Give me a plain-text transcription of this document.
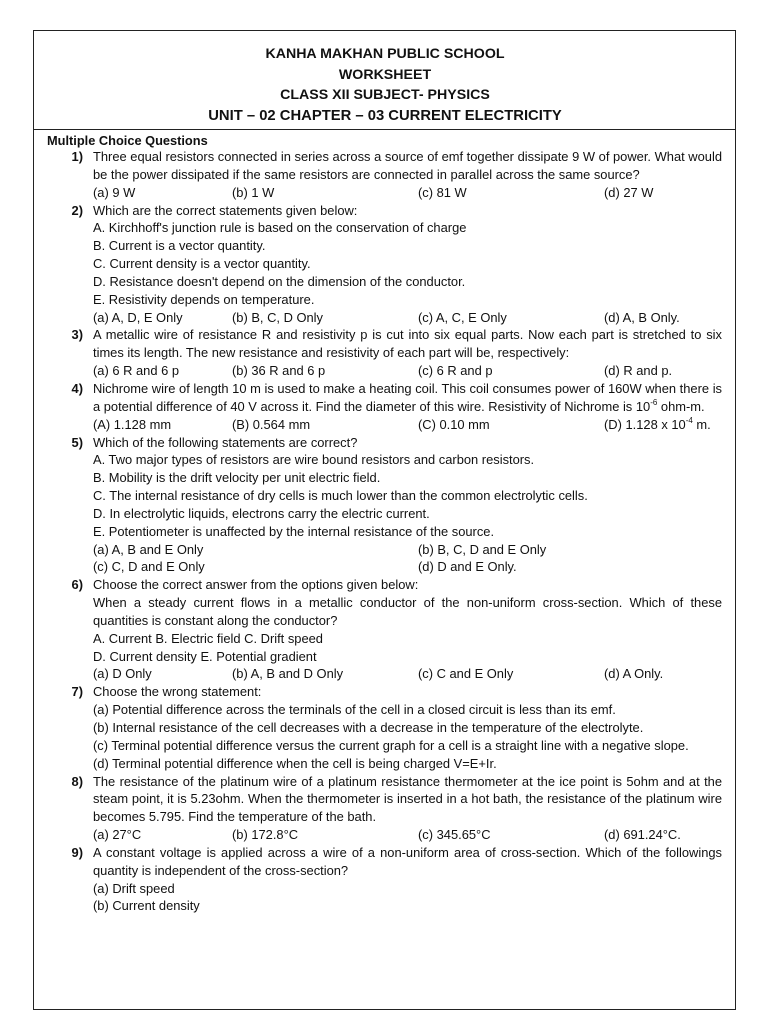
KANHA MAKHAN PUBLIC SCHOOL
WORKSHEET
CLASS XII SUBJECT- PHYSICS
UNIT – 02 CHAPTER – 03 CURRENT ELECTRICITY
Multiple Choice Questions
1) Three equal resistors connected in series across a source of emf together dissipate 9 W of power. What would be the power dissipated if the same resistors are connected in parallel across the same source?
(a) 9 W	(b) 1 W	(c) 81 W	(d) 27 W
2) Which are the correct statements given below:
A. Kirchhoff's junction rule is based on the conservation of charge
B. Current is a vector quantity.
C. Current density is a vector quantity.
D. Resistance doesn't depend on the dimension of the conductor.
E. Resistivity depends on temperature.
(a) A, D, E Only	(b) B, C, D Only	(c) A, C, E Only	(d) A, B Only.
3) A metallic wire of resistance R and resistivity p is cut into six equal parts. Now each part is stretched to six times its length. The new resistance and resistivity of each part will be, respectively:
(a) 6 R and 6 p	(b) 36 R and 6 p	(c) 6 R and p	(d) R and p.
4) Nichrome wire of length 10 m is used to make a heating coil. This coil consumes power of 160W when there is a potential difference of 40 V across it. Find the diameter of this wire. Resistivity of Nichrome is $10^{-6}$ ohm-m.
(A) 1.128 mm	(B) 0.564 mm	(C) 0.10 mm	(D) 1.128 x $10^{-4}$ m.
5) Which of the following statements are correct?
A. Two major types of resistors are wire bound resistors and carbon resistors.
B. Mobility is the drift velocity per unit electric field.
C. The internal resistance of dry cells is much lower than the common electrolytic cells.
D. In electrolytic liquids, electrons carry the electric current.
E. Potentiometer is unaffected by the internal resistance of the source.
(a) A, B and E Only	(b) B, C, D and E Only
(c) C, D and E Only	(d) D and E Only.
6) Choose the correct answer from the options given below:
When a steady current flows in a metallic conductor of the non-uniform cross-section. Which of these quantities is constant along the conductor?
A. Current B. Electric field C. Drift speed
D. Current density E. Potential gradient
(a) D Only	(b) A, B and D Only	(c) C and E Only	(d) A Only.
7) Choose the wrong statement:
(a) Potential difference across the terminals of the cell in a closed circuit is less than its emf.
(b) Internal resistance of the cell decreases with a decrease in the temperature of the electrolyte.
(c) Terminal potential difference versus the current graph for a cell is a straight line with a negative slope.
(d) Terminal potential difference when the cell is being charged V=E+Ir.
8) The resistance of the platinum wire of a platinum resistance thermometer at the ice point is 5ohm and at the steam point, it is 5.23ohm. When the thermometer is inserted in a hot bath, the resistance of the platinum wire becomes 5.795. Find the temperature of the bath.
(a) 27°C	(b) 172.8°C	(c) 345.65°C	(d) 691.24°C.
9) A constant voltage is applied across a wire of a non-uniform area of cross-section. Which of the followings quantity is independent of the cross-section?
(a) Drift speed
(b) Current density
